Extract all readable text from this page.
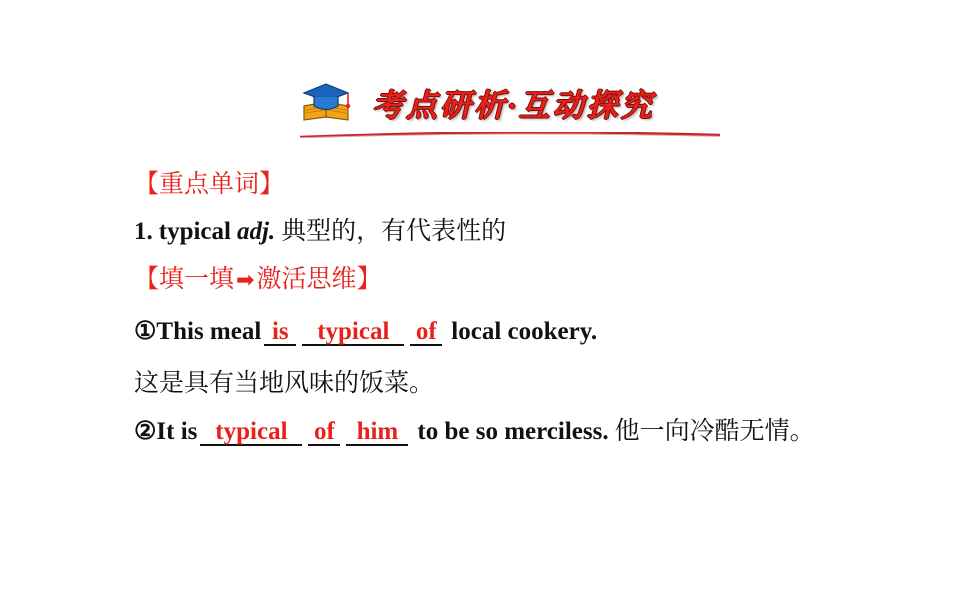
考点研析·互动探究
【重点单词】
1. typical adj. 典型的，有代表性的
【填一填➡激活思维】
①This meal is typical of local cookery.
这是具有当地风味的饭菜。
②It is typical of him to be so merciless. 他一向冷酷无情。
